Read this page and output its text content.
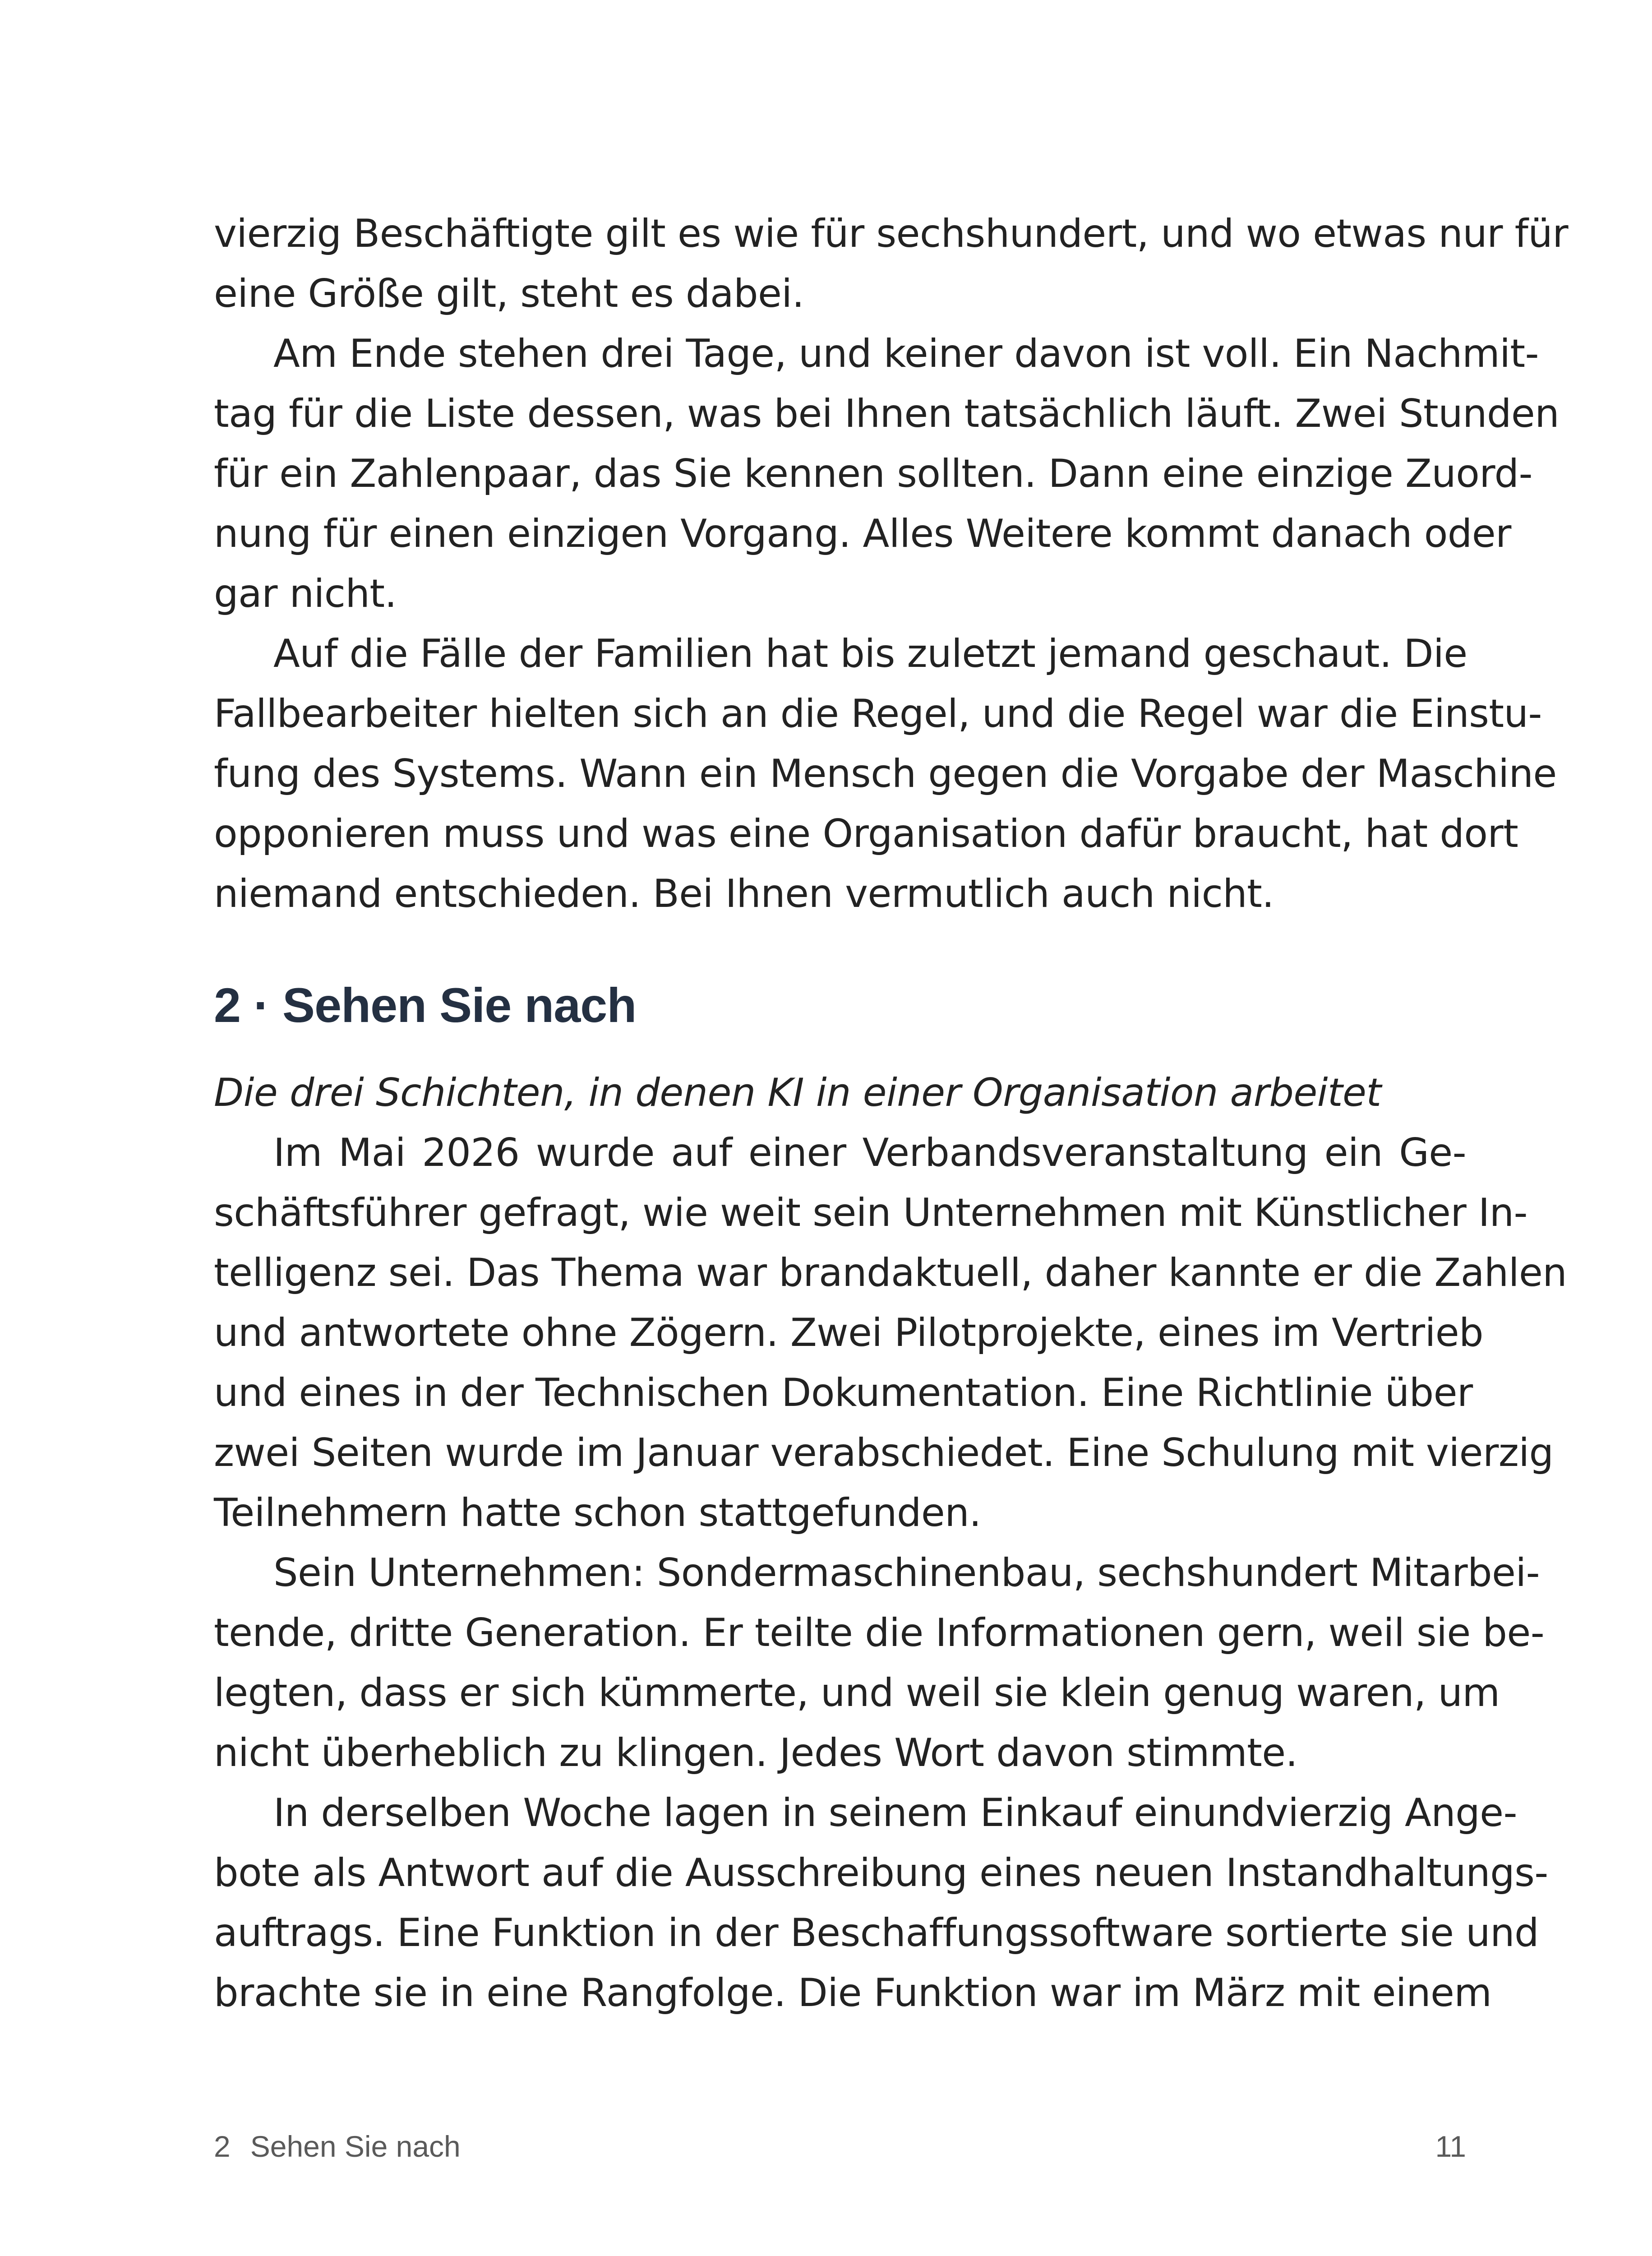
vierzig Beschäftigte gilt es wie für sechshundert, und wo etwas nur für
eine Größe gilt, steht es dabei.
Am Ende stehen drei Tage, und keiner davon ist voll. Ein Nachmit-
tag für die Liste dessen, was bei Ihnen tatsächlich läuft. Zwei Stunden
für ein Zahlenpaar, das Sie kennen sollten. Dann eine einzige Zuord-
nung für einen einzigen Vorgang. Alles Weitere kommt danach oder
gar nicht.
Auf die Fälle der Familien hat bis zuletzt jemand geschaut. Die
Fallbearbeiter hielten sich an die Regel, und die Regel war die Einstu-
fung des Systems. Wann ein Mensch gegen die Vorgabe der Maschine
opponieren muss und was eine Organisation dafür braucht, hat dort
niemand entschieden. Bei Ihnen vermutlich auch nicht.
2 · Sehen Sie nach
Die drei Schichten, in denen KI in einer Organisation arbeitet
Im Mai 2026 wurde auf einer Verbandsveranstaltung ein Ge-
schäftsführer gefragt, wie weit sein Unternehmen mit Künstlicher In-
telligenz sei. Das Thema war brandaktuell, daher kannte er die Zahlen
und antwortete ohne Zögern. Zwei Pilotprojekte, eines im Vertrieb
und eines in der Technischen Dokumentation. Eine Richtlinie über
zwei Seiten wurde im Januar verabschiedet. Eine Schulung mit vierzig
Teilnehmern hatte schon stattgefunden.
Sein Unternehmen: Sondermaschinenbau, sechshundert Mitarbei-
tende, dritte Generation. Er teilte die Informationen gern, weil sie be-
legten, dass er sich kümmerte, und weil sie klein genug waren, um
nicht überheblich zu klingen. Jedes Wort davon stimmte.
In derselben Woche lagen in seinem Einkauf einundvierzig Ange-
bote als Antwort auf die Ausschreibung eines neuen Instandhaltungs-
auftrags. Eine Funktion in der Beschaffungssoftware sortierte sie und
brachte sie in eine Rangfolge. Die Funktion war im März mit einem
2 Sehen Sie nach	11
